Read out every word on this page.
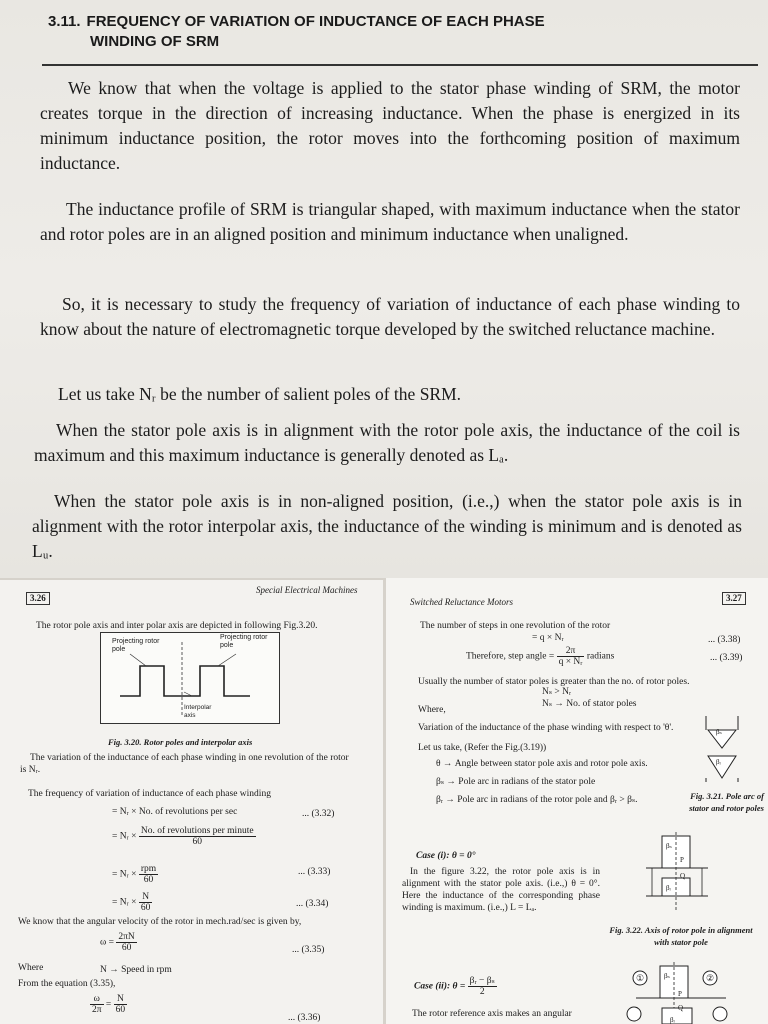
3.11. FREQUENCY OF VARIATION OF INDUCTANCE OF EACH PHASE
WINDING OF SRM

We know that when the voltage is applied to the stator phase winding of SRM, the motor creates torque in the direction of increasing inductance. When the phase is energized in its minimum inductance position, the rotor moves into the forthcoming position of maximum inductance.

The inductance profile of SRM is triangular shaped, with maximum inductance when the stator and rotor poles are in an aligned position and minimum inductance when unaligned.

So, it is necessary to study the frequency of variation of inductance of each phase winding to know about the nature of electromagnetic torque developed by the switched reluctance machine.

Let us take Nᵣ be the number of salient poles of the SRM.

When the stator pole axis is in alignment with the rotor pole axis, the inductance of the coil is maximum and this maximum inductance is generally denoted as Lₐ.

When the stator pole axis is in non-aligned position, (i.e.,) when the stator pole axis is in alignment with the rotor interpolar axis, the inductance of the winding is minimum and is denoted as Lᵤ.

Special Electrical Machines
3.26
The rotor pole axis and inter polar axis are depicted in following Fig.3.20.
Projecting rotor pole
Projecting rotor pole
Interpolar axis
Fig. 3.20. Rotor poles and interpolar axis
The variation of the inductance of each phase winding in one revolution of the rotor is Nᵣ.
The frequency of variation of inductance of each phase winding
= Nᵣ × No. of revolutions per sec	... (3.32)
= Nᵣ × $\frac{\text{No. of revolutions per minute}}{60}$
= Nᵣ × $\frac{\text{rpm}}{60}$	... (3.33)
= Nᵣ × $\frac{N}{60}$	... (3.34)
We know that the angular velocity of the rotor in mech.rad/sec is given by,
$\omega = \frac{2\pi N}{60}$	... (3.35)
Where	N → Speed in rpm
From the equation (3.35),
$\frac{\omega}{2\pi} = \frac{N}{60}$
... (3.36)
Switched Reluctance Motors	3.27
The number of steps in one revolution of the rotor
= q × Nᵣ	... (3.38)
Therefore, step angle = $\frac{2\pi}{\text{q × Nᵣ}}$ radians	... (3.39)
Usually the number of stator poles is greater than the no. of rotor poles.
Nₛ > Nᵣ
Where,
Nₛ → No. of stator poles
Variation of the inductance of the phase winding with respect to 'θ'.
Let us take, (Refer the Fig.(3.19))
θ → Angle between stator pole axis and rotor pole axis.
βₛ → Pole arc in radians of the stator pole
βᵣ → Pole arc in radians of the rotor pole and βᵣ > βₛ.
βₛ
βᵣ
Fig. 3.21. Pole arc of stator and rotor poles
Case (i): θ = 0°
In the figure 3.22, the rotor pole axis is in alignment with the stator pole axis. (i.e.,) θ = 0°. Here the inductance of the corresponding phase winding is maximum. (i.e.,) L = Lₐ.
βₛ
P
Q
βᵣ
Fig. 3.22. Axis of rotor pole in alignment with stator pole
Case (ii): $\theta = \frac{\text{βᵣ − βₛ}}{2}$
The rotor reference axis makes an angular
①	②
βₛ
P
Q
βᵣ
